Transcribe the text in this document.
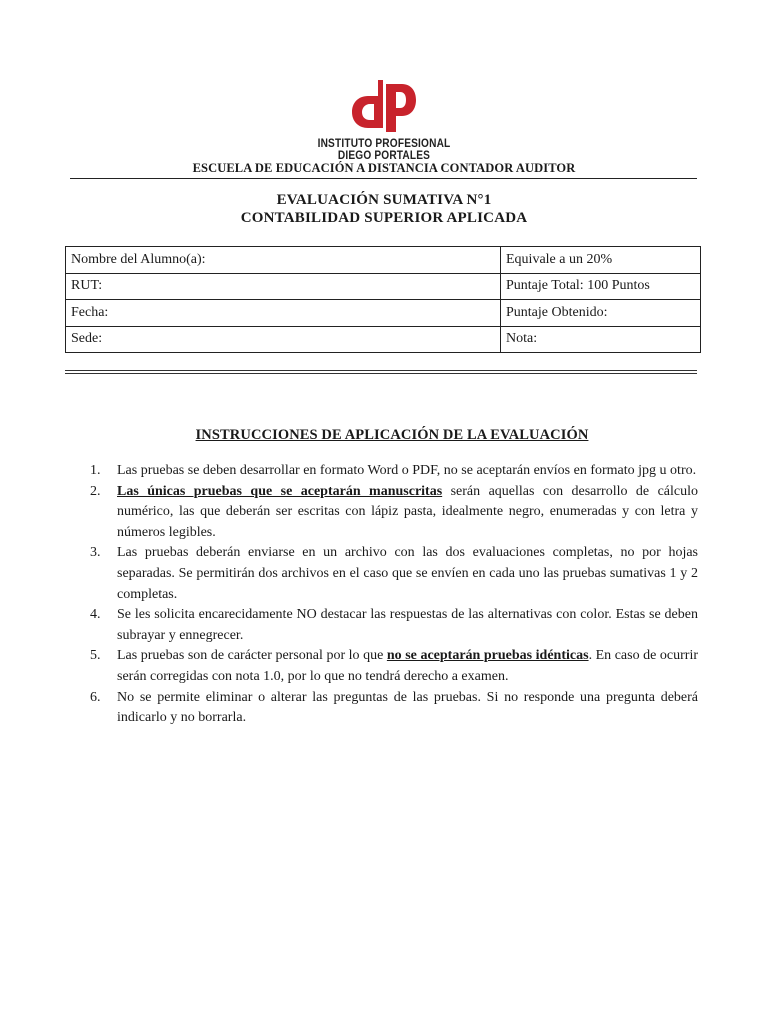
INSTITUTO PROFESIONAL
DIEGO PORTALES
ESCUELA DE EDUCACIÓN A DISTANCIA CONTADOR AUDITOR
EVALUACIÓN SUMATIVA N°1
CONTABILIDAD SUPERIOR APLICADA
Nombre del Alumno(a):	Equivale a un 20%
RUT:	Puntaje Total: 100 Puntos
Fecha:	Puntaje Obtenido:
Sede:	Nota:
INSTRUCCIONES DE APLICACIÓN DE LA EVALUACIÓN
1. Las pruebas se deben desarrollar en formato Word o PDF, no se aceptarán envíos en formato jpg u otro.
2. Las únicas pruebas que se aceptarán manuscritas serán aquellas con desarrollo de cálculo numérico, las que deberán ser escritas con lápiz pasta, idealmente negro, enumeradas y con letra y números legibles.
3. Las pruebas deberán enviarse en un archivo con las dos evaluaciones completas, no por hojas separadas. Se permitirán dos archivos en el caso que se envíen en cada uno las pruebas sumativas 1 y 2 completas.
4. Se les solicita encarecidamente NO destacar las respuestas de las alternativas con color. Estas se deben subrayar y ennegrecer.
5. Las pruebas son de carácter personal por lo que no se aceptarán pruebas idénticas. En caso de ocurrir serán corregidas con nota 1.0, por lo que no tendrá derecho a examen.
6. No se permite eliminar o alterar las preguntas de las pruebas. Si no responde una pregunta deberá indicarlo y no borrarla.
